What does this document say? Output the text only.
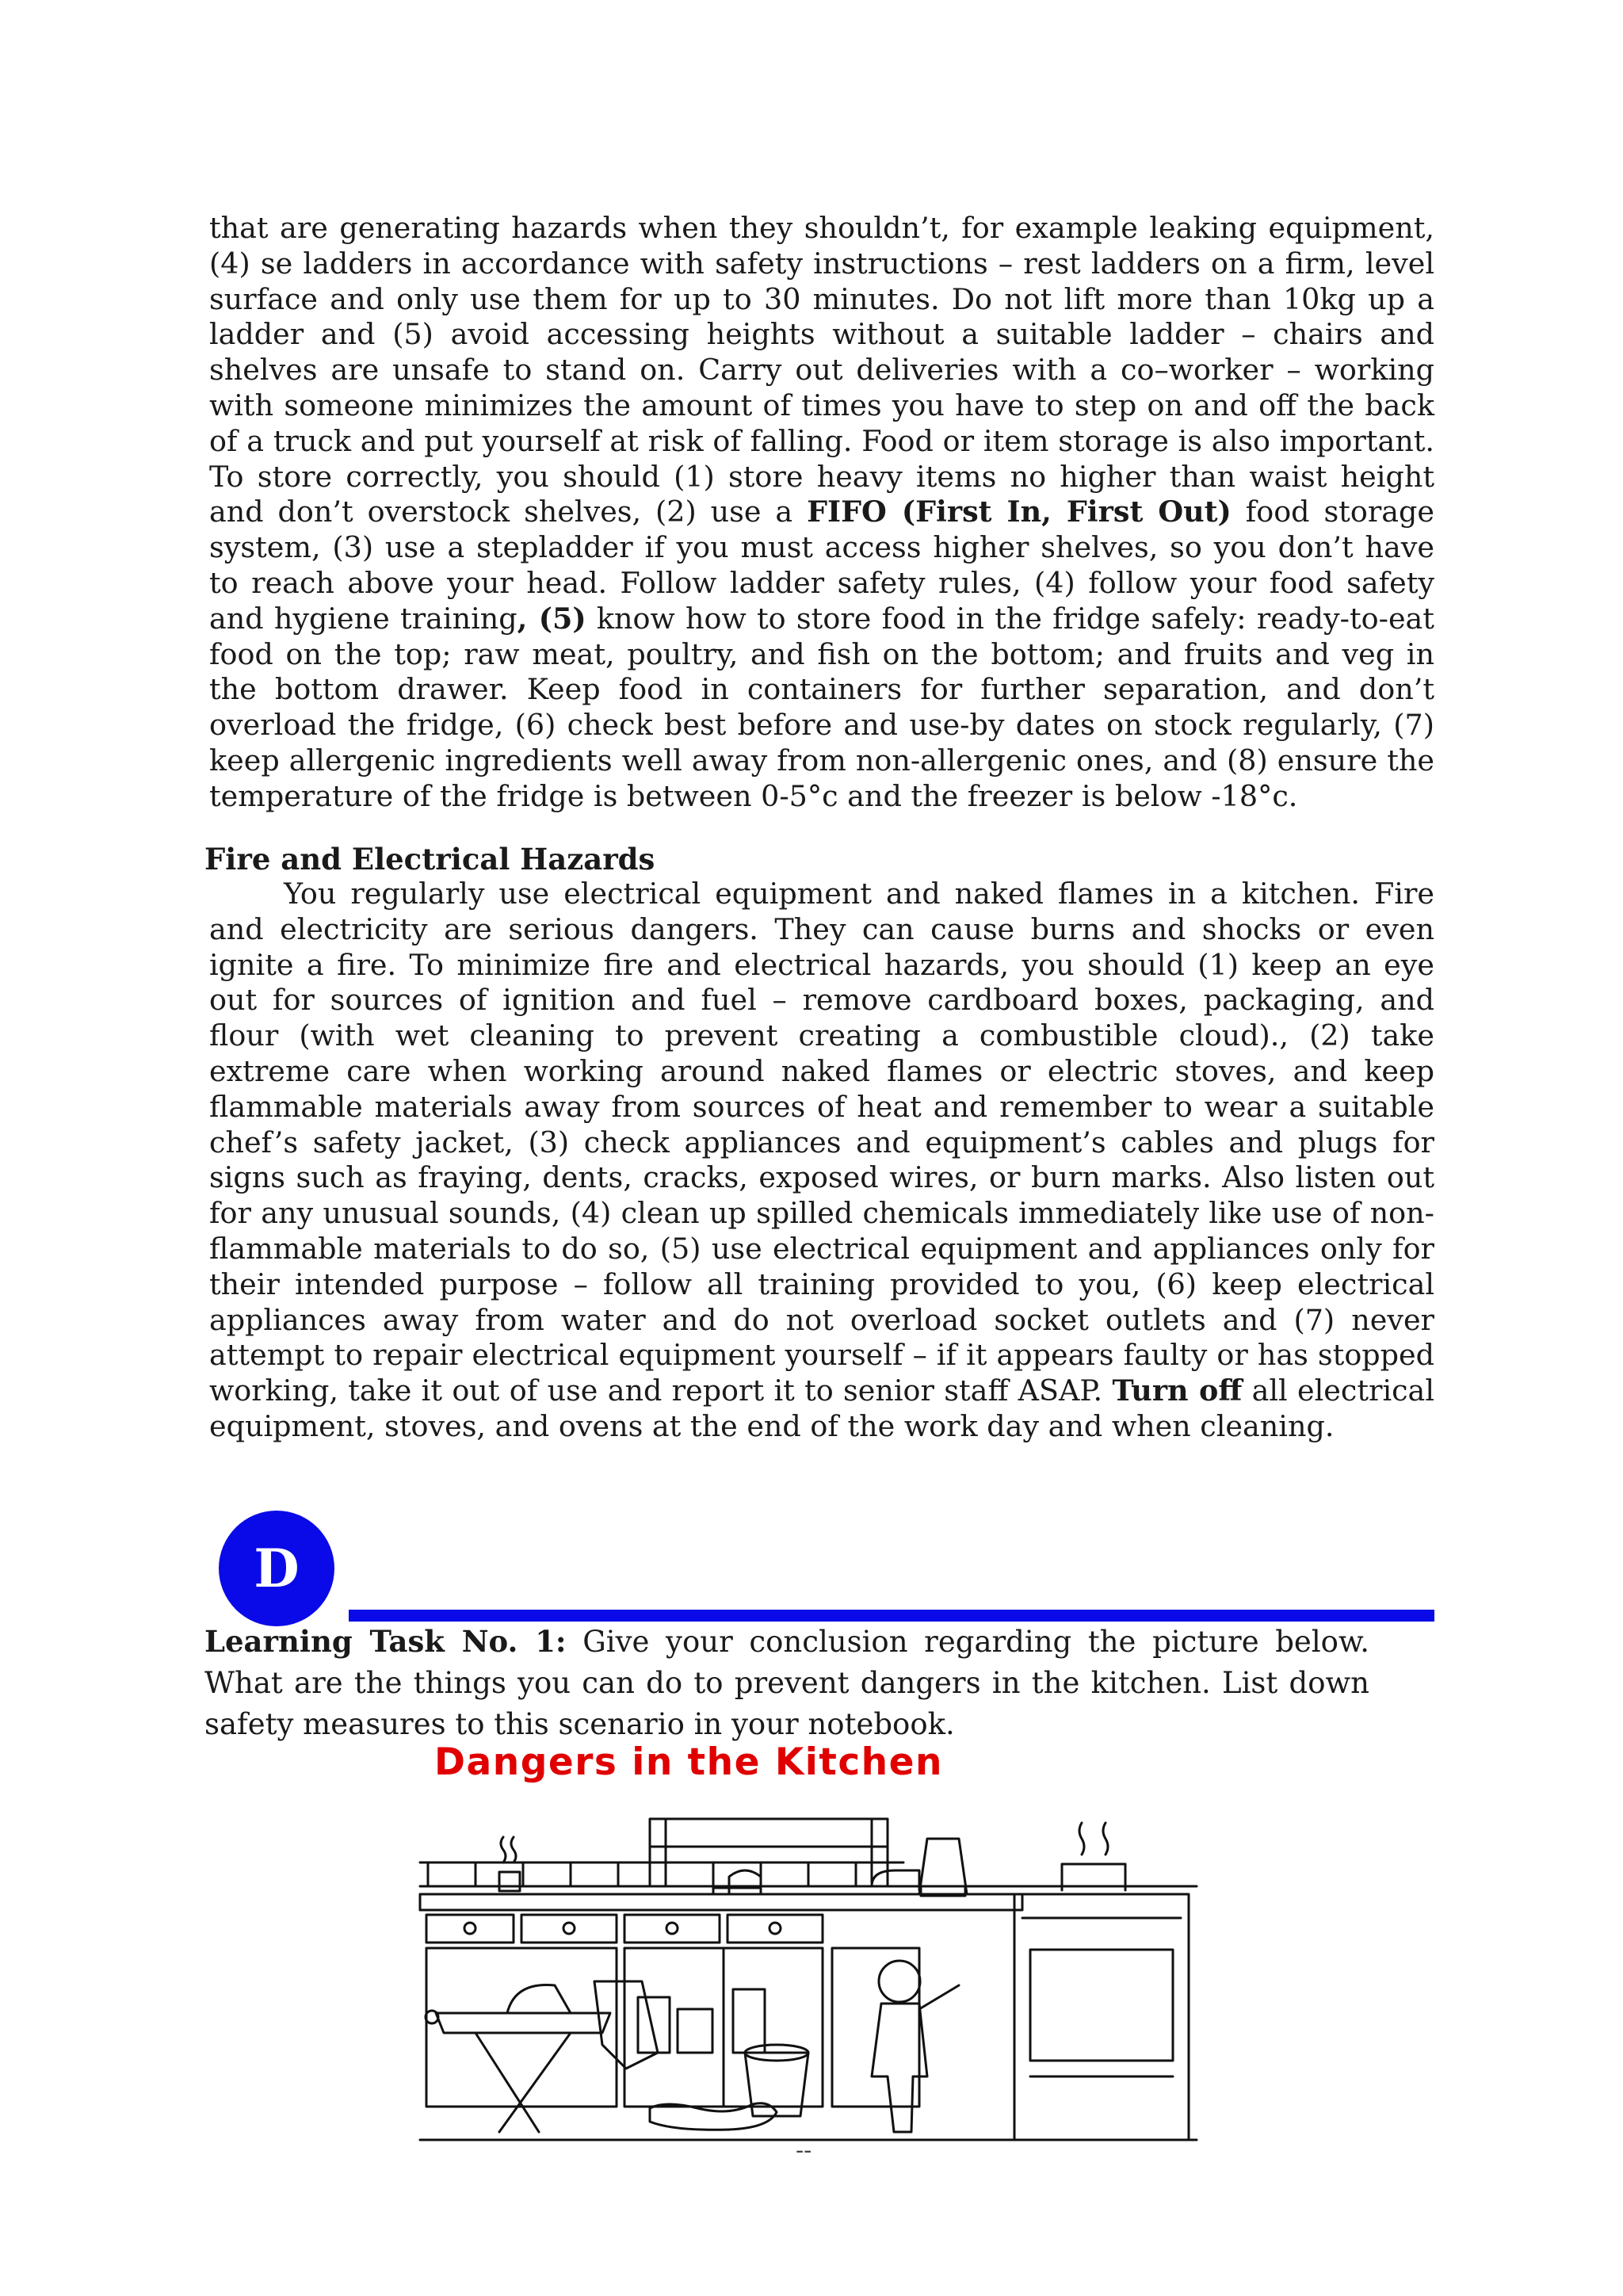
that are generating hazards when they shouldn’t, for example leaking equipment, (4) se ladders in accordance with safety instructions – rest ladders on a firm, level surface and only use them for up to 30 minutes. Do not lift more than 10kg up a ladder and (5) avoid accessing heights without a suitable ladder – chairs and shelves are unsafe to stand on. Carry out deliveries with a co–worker – working with someone minimizes the amount of times you have to step on and off the back of a truck and put yourself at risk of falling. Food or item storage is also important. To store correctly, you should (1) store heavy items no higher than waist height and don’t overstock shelves, (2) use a FIFO (First In, First Out) food storage system, (3) use a stepladder if you must access higher shelves, so you don’t have to reach above your head. Follow ladder safety rules, (4) follow your food safety and hygiene training, (5) know how to store food in the fridge safely: ready-to-eat food on the top; raw meat, poultry, and fish on the bottom; and fruits and veg in the bottom drawer. Keep food in containers for further separation, and don’t overload the fridge, (6) check best before and use-by dates on stock regularly, (7) keep allergenic ingredients well away from non-allergenic ones, and (8) ensure the temperature of the fridge is between 0-5°c and the freezer is below -18°c.

Fire and Electrical Hazards

You regularly use electrical equipment and naked flames in a kitchen. Fire and electricity are serious dangers. They can cause burns and shocks or even ignite a fire. To minimize fire and electrical hazards, you should (1) keep an eye out for sources of ignition and fuel – remove cardboard boxes, packaging, and flour (with wet cleaning to prevent creating a combustible cloud)., (2) take extreme care when working around naked flames or electric stoves, and keep flammable materials away from sources of heat and remember to wear a suitable chef’s safety jacket, (3) check appliances and equipment’s cables and plugs for signs such as fraying, dents, cracks, exposed wires, or burn marks. Also listen out for any unusual sounds, (4) clean up spilled chemicals immediately like use of non-flammable materials to do so, (5) use electrical equipment and appliances only for their intended purpose – follow all training provided to you, (6) keep electrical appliances away from water and do not overload socket outlets and (7) never attempt to repair electrical equipment yourself – if it appears faulty or has stopped working, take it out of use and report it to senior staff ASAP. Turn off all electrical equipment, stoves, and ovens at the end of the work day and when cleaning.

D

Learning Task No. 1: Give your conclusion regarding the picture below. What are the things you can do to prevent dangers in the kitchen. List down safety measures to this scenario in your notebook.

Dangers in the Kitchen

--
